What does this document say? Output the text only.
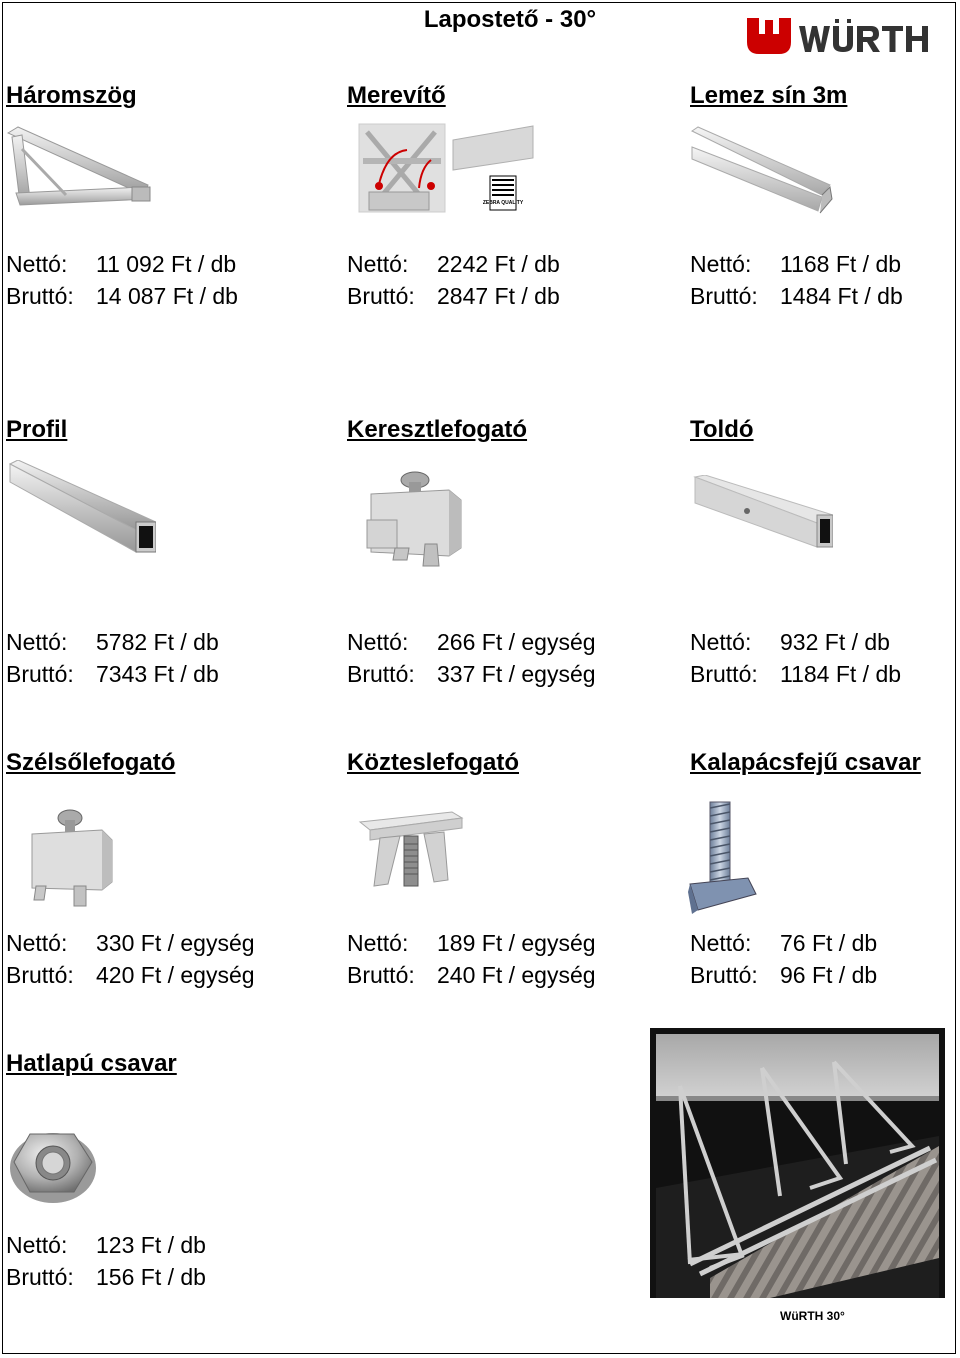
Lapostető - 30°
Háromszög	Merevítő	Lemez sín 3m
ZEBRA QUALITY
Nettó: 11 092 Ft / db
Bruttó: 14 087 Ft / db
Nettó: 2242 Ft / db
Bruttó: 2847 Ft / db
Nettó: 1168 Ft / db
Bruttó: 1484 Ft / db
Profil	Keresztlefogató	Toldó
Nettó: 5782 Ft / db
Bruttó: 7343 Ft / db
Nettó: 266 Ft / egység
Bruttó: 337 Ft / egység
Nettó: 932 Ft / db
Bruttó: 1184 Ft / db
Szélsőlefogató	Közteslefogató	Kalapácsfejű csavar
Nettó: 330 Ft / egység
Bruttó: 420 Ft / egység
Nettó: 189 Ft / egység
Bruttó: 240 Ft / egység
Nettó: 76 Ft / db
Bruttó: 96 Ft / db
Hatlapú csavar
Nettó: 123 Ft / db
Bruttó: 156 Ft / db
WüRTH 30°
